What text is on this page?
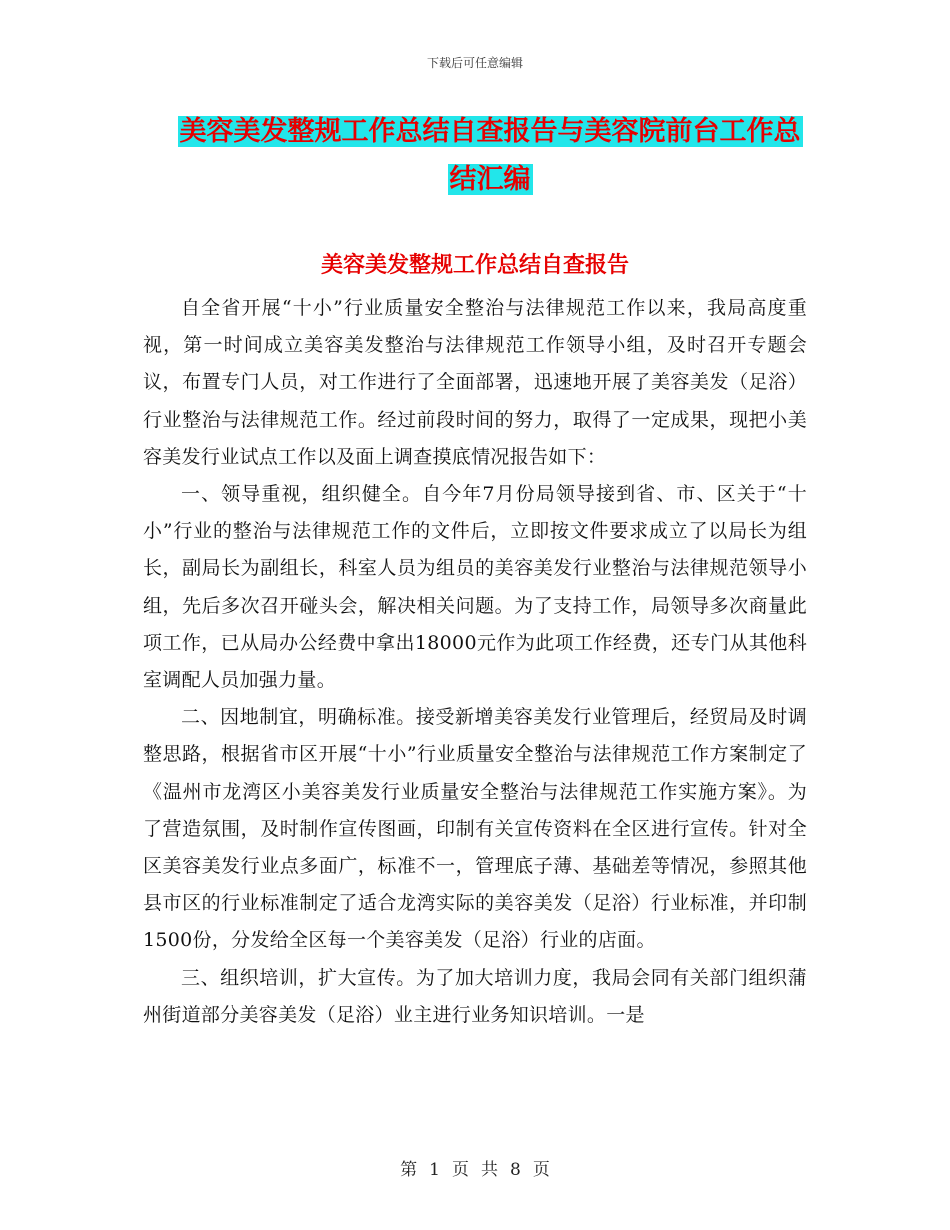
下载后可任意编辑
美容美发整规工作总结自查报告与美容院前台工作总
结汇编
美容美发整规工作总结自查报告

自全省开展“十小”行业质量安全整治与法律规范工作以来，我局高度重视，第一时间成立美容美发整治与法律规范工作领导小组，及时召开专题会议，布置专门人员，对工作进行了全面部署，迅速地开展了美容美发（足浴）行业整治与法律规范工作。经过前段时间的努力，取得了一定成果，现把小美容美发行业试点工作以及面上调查摸底情况报告如下：

一、领导重视，组织健全。自今年7月份局领导接到省、市、区关于“十小”行业的整治与法律规范工作的文件后，立即按文件要求成立了以局长为组长，副局长为副组长，科室人员为组员的美容美发行业整治与法律规范领导小组，先后多次召开碰头会，解决相关问题。为了支持工作，局领导多次商量此项工作，已从局办公经费中拿出18000元作为此项工作经费，还专门从其他科室调配人员加强力量。

二、因地制宜，明确标准。接受新增美容美发行业管理后，经贸局及时调整思路，根据省市区开展“十小”行业质量安全整治与法律规范工作方案制定了《温州市龙湾区小美容美发行业质量安全整治与法律规范工作实施方案》。为了营造氛围，及时制作宣传图画，印制有关宣传资料在全区进行宣传。针对全区美容美发行业点多面广，标准不一，管理底子薄、基础差等情况，参照其他县市区的行业标准制定了适合龙湾实际的美容美发（足浴）行业标准，并印制1500份，分发给全区每一个美容美发（足浴）行业的店面。

三、组织培训，扩大宣传。为了加大培训力度，我局会同有关部门组织蒲州街道部分美容美发（足浴）业主进行业务知识培训。一是

第 1 页 共 8 页
